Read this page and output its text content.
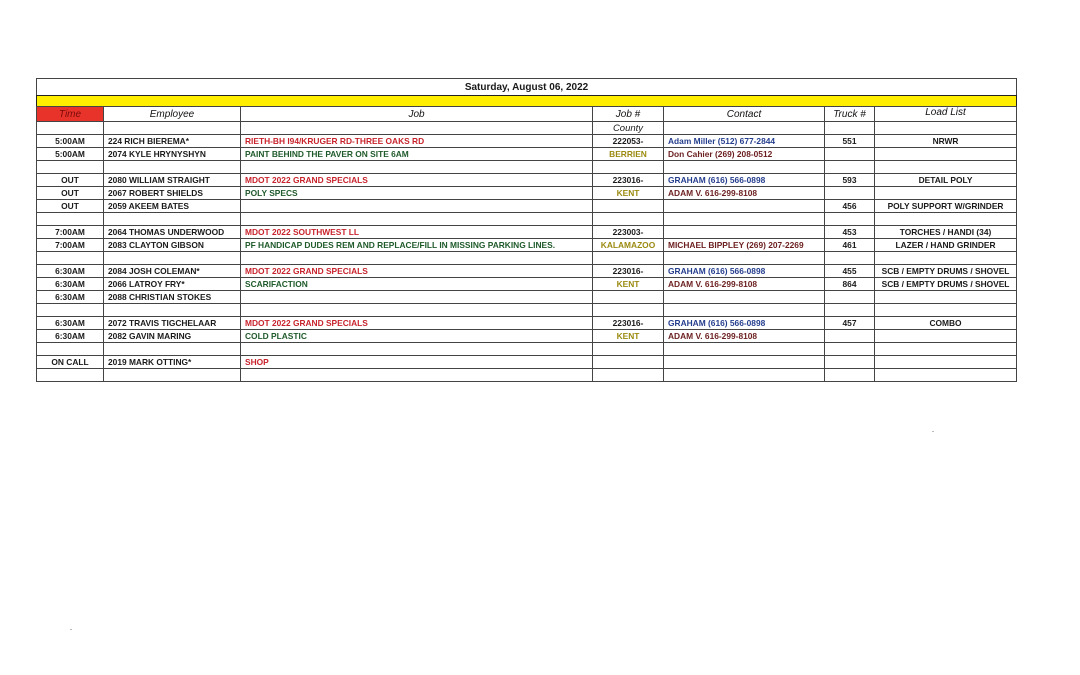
Saturday, August 06, 2022						

Time	Employee	Job	Job #	Contact	Truck #	Load List
			County			
5:00AM	224 RICH BIEREMA*	RIETH-BH I94/KRUGER RD-THREE OAKS RD	222053-	Adam Miller (512) 677-2844	551	NRWR
5:00AM	2074 KYLE HRYNYSHYN	PAINT BEHIND THE PAVER ON SITE 6AM	BERRIEN	Don Cahier (269) 208-0512		

OUT	2080 WILLIAM STRAIGHT	MDOT 2022 GRAND SPECIALS	223016-	GRAHAM (616) 566-0898	593	DETAIL POLY
OUT	2067 ROBERT SHIELDS	POLY SPECS	KENT	ADAM V. 616-299-8108		
OUT	2059 AKEEM BATES				456	POLY SUPPORT W/GRINDER

7:00AM	2064 THOMAS UNDERWOOD	MDOT 2022 SOUTHWEST LL	223003-		453	TORCHES / HANDI (34)
7:00AM	2083 CLAYTON GIBSON	PF HANDICAP DUDES REM AND REPLACE/FILL IN MISSING PARKING LINES.	KALAMAZOO	MICHAEL BIPPLEY (269) 207-2269	461	LAZER / HAND GRINDER

6:30AM	2084 JOSH COLEMAN*	MDOT 2022 GRAND SPECIALS	223016-	GRAHAM (616) 566-0898	455	SCB / EMPTY DRUMS / SHOVEL
6:30AM	2066 LATROY FRY*	SCARIFACTION	KENT	ADAM V. 616-299-8108	864	SCB / EMPTY DRUMS / SHOVEL
6:30AM	2088 CHRISTIAN STOKES					

6:30AM	2072 TRAVIS TIGCHELAAR	MDOT 2022 GRAND SPECIALS	223016-	GRAHAM (616) 566-0898	457	COMBO
6:30AM	2082 GAVIN MARING	COLD PLASTIC	KENT	ADAM V. 616-299-8108		

ON CALL	2019 MARK OTTING*	SHOP				
